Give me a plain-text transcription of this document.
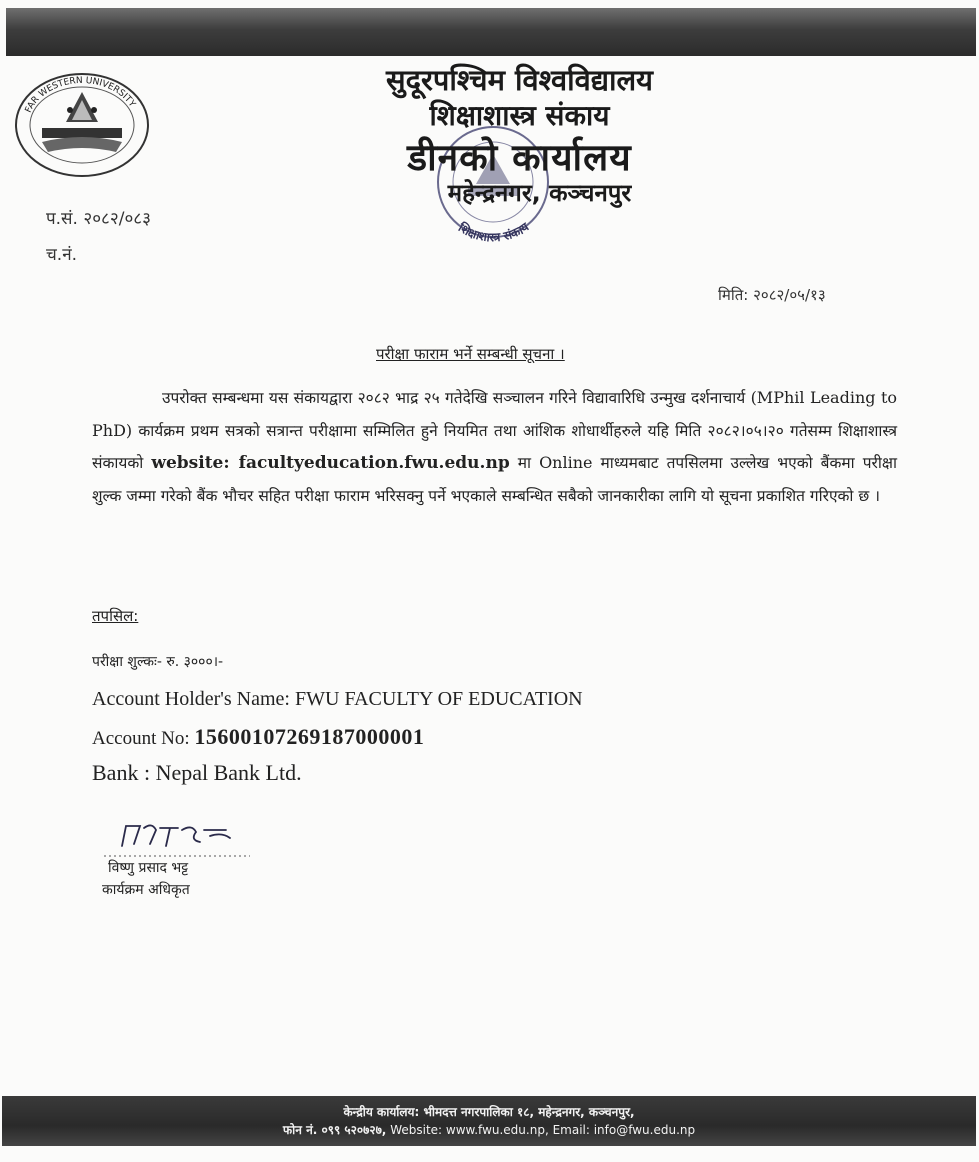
FAR WESTERN UNIVERSITY
शिक्षाशास्त्र संकाय
सुदूरपश्चिम विश्वविद्यालय
शिक्षाशास्त्र संकाय
डीनको कार्यालय
महेन्द्रनगर, कञ्चनपुर
प.सं. २०८२/०८३
च.नं.
मिति: २०८२/०५/१३
परीक्षा फाराम भर्ने सम्बन्धी सूचना ।
उपरोक्त सम्बन्धमा यस संकायद्वारा २०८२ भाद्र २५ गतेदेखि सञ्चालन गरिने विद्यावारिधि उन्मुख दर्शनाचार्य (MPhil Leading to PhD) कार्यक्रम प्रथम सत्रको सत्रान्त परीक्षामा सम्मिलित हुने नियमित तथा आंशिक शोधार्थीहरुले यहि मिति २०८२।०५।२० गतेसम्म शिक्षाशास्त्र संकायको website: facultyeducation.fwu.edu.np मा Online माध्यमबाट तपसिलमा उल्लेख भएको बैंकमा परीक्षा शुल्क जम्मा गरेको बैंक भौचर सहित परीक्षा फाराम भरिसक्नु पर्ने भएकाले सम्बन्धित सबैको जानकारीका लागि यो सूचना प्रकाशित गरिएको छ ।
तपसिल:
परीक्षा शुल्कः- रु. ३०००।-
Account Holder's Name: FWU FACULTY OF EDUCATION
Account No: 15600107269187000001
Bank : Nepal Bank Ltd.
विष्णु प्रसाद भट्ट
कार्यक्रम अधिकृत
केन्द्रीय कार्यालय: भीमदत्त नगरपालिका १८, महेन्द्रनगर, कञ्चनपुर,
फोन नं. ०९९ ५२०७२७, Website: www.fwu.edu.np, Email: info@fwu.edu.np
